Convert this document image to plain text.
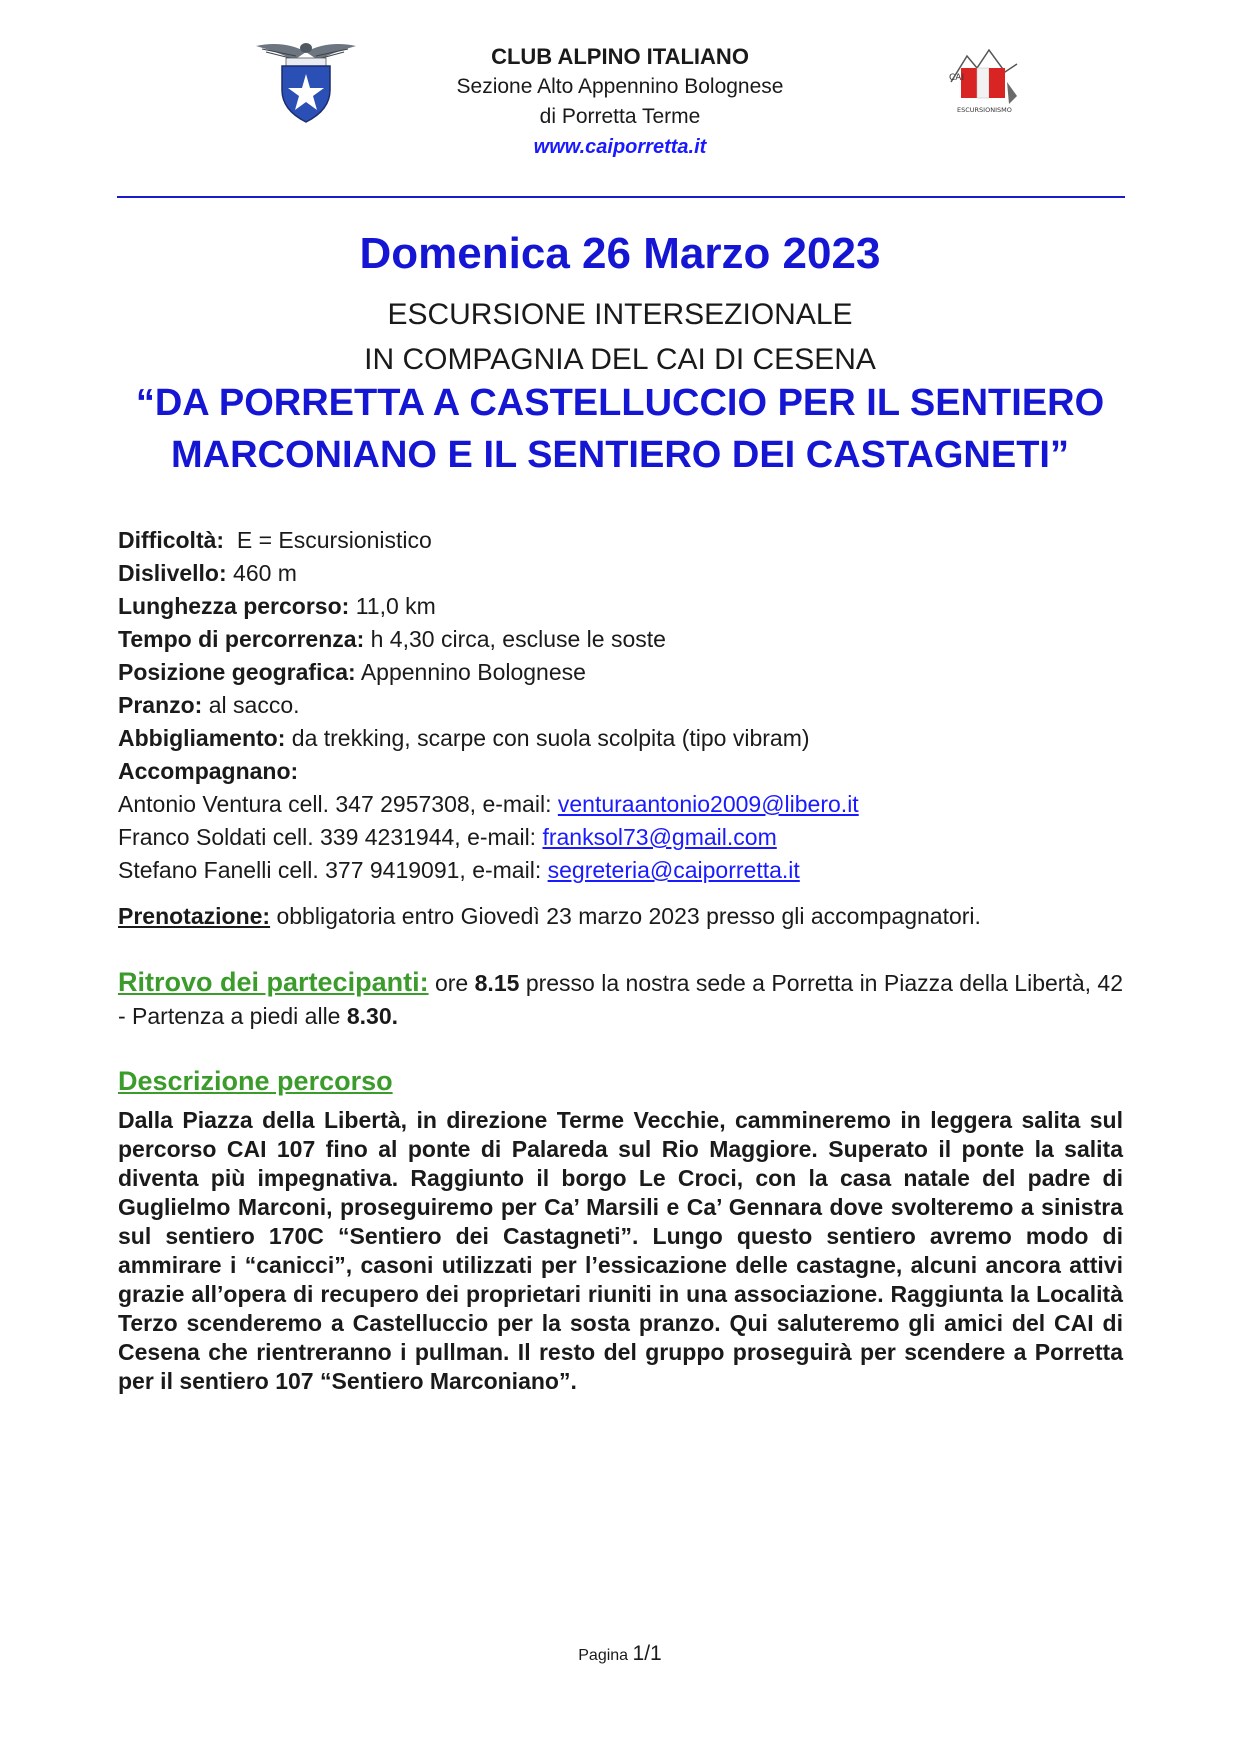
CLUB ALPINO ITALIANO
Sezione Alto Appennino Bolognese
di Porretta Terme
www.caiporretta.it
CAI
ESCURSIONISMO
Domenica 26 Marzo 2023
ESCURSIONE INTERSEZIONALE
IN COMPAGNIA DEL CAI DI CESENA
“DA PORRETTA A CASTELLUCCIO PER IL SENTIERO
MARCONIANO E IL SENTIERO DEI CASTAGNETI”
Difficoltà: E = Escursionistico
Dislivello: 460 m
Lunghezza percorso: 11,0 km
Tempo di percorrenza: h 4,30 circa, escluse le soste
Posizione geografica: Appennino Bolognese
Pranzo: al sacco.
Abbigliamento: da trekking, scarpe con suola scolpita (tipo vibram)
Accompagnano:
Antonio Ventura cell. 347 2957308, e-mail: venturaantonio2009@libero.it
Franco Soldati cell. 339 4231944, e-mail: franksol73@gmail.com
Stefano Fanelli cell. 377 9419091, e-mail: segreteria@caiporretta.it
Prenotazione: obbligatoria entro Giovedì 23 marzo 2023 presso gli accompagnatori.
Ritrovo dei partecipanti: ore 8.15 presso la nostra sede a Porretta in Piazza della Libertà, 42 - Partenza a piedi alle 8.30.
Descrizione percorso
Dalla Piazza della Libertà, in direzione Terme Vecchie, cammineremo in leggera salita sul percorso CAI 107 fino al ponte di Palareda sul Rio Maggiore. Superato il ponte la salita diventa più impegnativa. Raggiunto il borgo Le Croci, con la casa natale del padre di Guglielmo Marconi, proseguiremo per Ca’ Marsili e Ca’ Gennara dove svolteremo a sinistra sul sentiero 170C “Sentiero dei Castagneti”. Lungo questo sentiero avremo modo di ammirare i “canicci”, casoni utilizzati per l’essicazione delle castagne, alcuni ancora attivi grazie all’opera di recupero dei proprietari riuniti in una associazione. Raggiunta la Località Terzo scenderemo a Castelluccio per la sosta pranzo. Qui saluteremo gli amici del CAI di Cesena che rientreranno i pullman. Il resto del gruppo proseguirà per scendere a Porretta per il sentiero 107 “Sentiero Marconiano”.
Pagina 1/1
